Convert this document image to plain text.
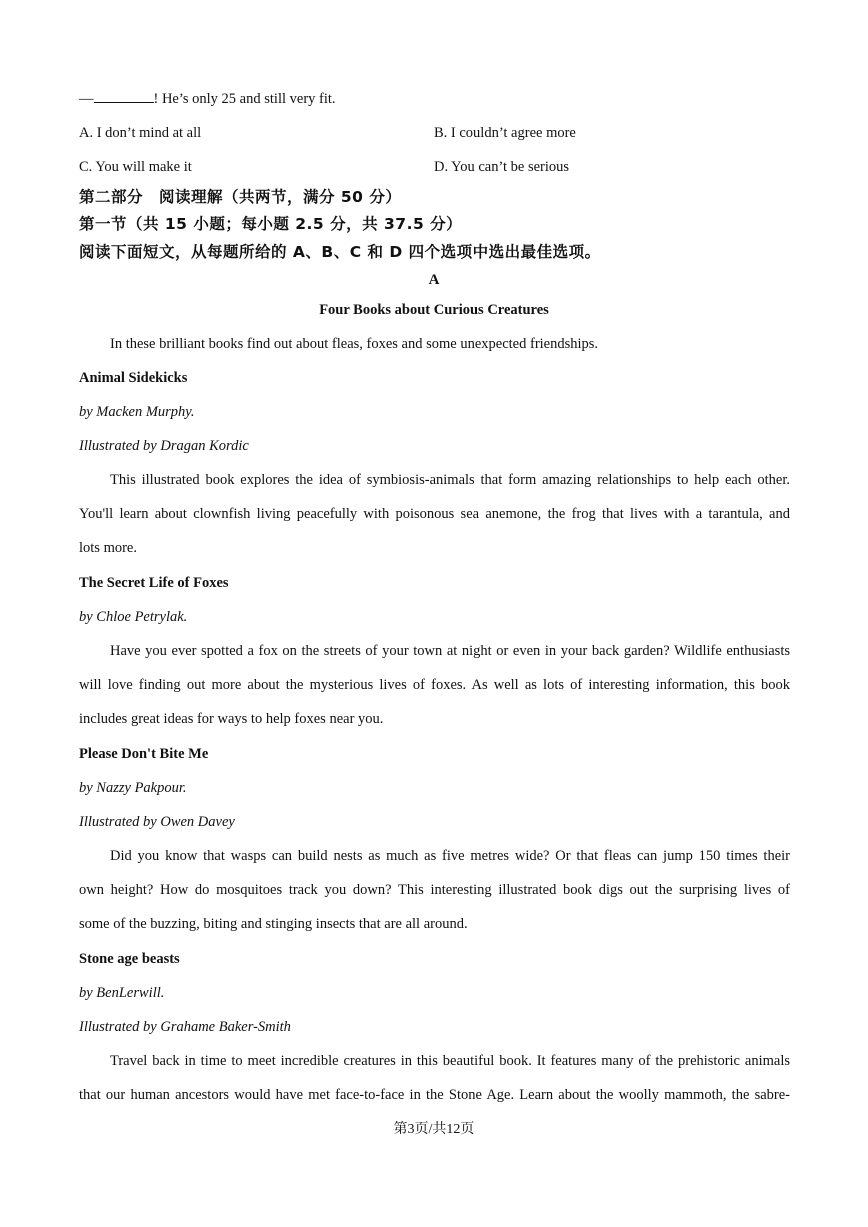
—	! He’s only 25 and still very fit.
A. I don’t mind at all	B. I couldn’t agree more
C. You will make it	D. You can’t be serious
第二部分　阅读理解（共两节，满分 50 分）
第一节（共 15 小题；每小题 2.5 分，共 37.5 分）
阅读下面短文，从每题所给的 A、B、C 和 D 四个选项中选出最佳选项。
A
Four Books about Curious Creatures
In these brilliant books find out about fleas, foxes and some unexpected friendships.
Animal Sidekicks
by Macken Murphy.
Illustrated by Dragan Kordic
This illustrated book explores the idea of symbiosis-animals that form amazing relationships to help each other.
You'll learn about clownfish living peacefully with poisonous sea anemone, the frog that lives with a tarantula, and
lots more.
The Secret Life of Foxes
by Chloe Petrylak.
Have you ever spotted a fox on the streets of your town at night or even in your back garden? Wildlife enthusiasts
will love finding out more about the mysterious lives of foxes. As well as lots of interesting information, this book
includes great ideas for ways to help foxes near you.
Please Don't Bite Me
by Nazzy Pakpour.
Illustrated by Owen Davey
Did you know that wasps can build nests as much as five metres wide? Or that fleas can jump 150 times their
own height? How do mosquitoes track you down? This interesting illustrated book digs out the surprising lives of
some of the buzzing, biting and stinging insects that are all around.
Stone age beasts
by BenLerwill.
Illustrated by Grahame Baker-Smith
Travel back in time to meet incredible creatures in this beautiful book. It features many of the prehistoric animals
that our human ancestors would have met face-to-face in the Stone Age. Learn about the woolly mammoth, the sabre-
第3页/共12页
